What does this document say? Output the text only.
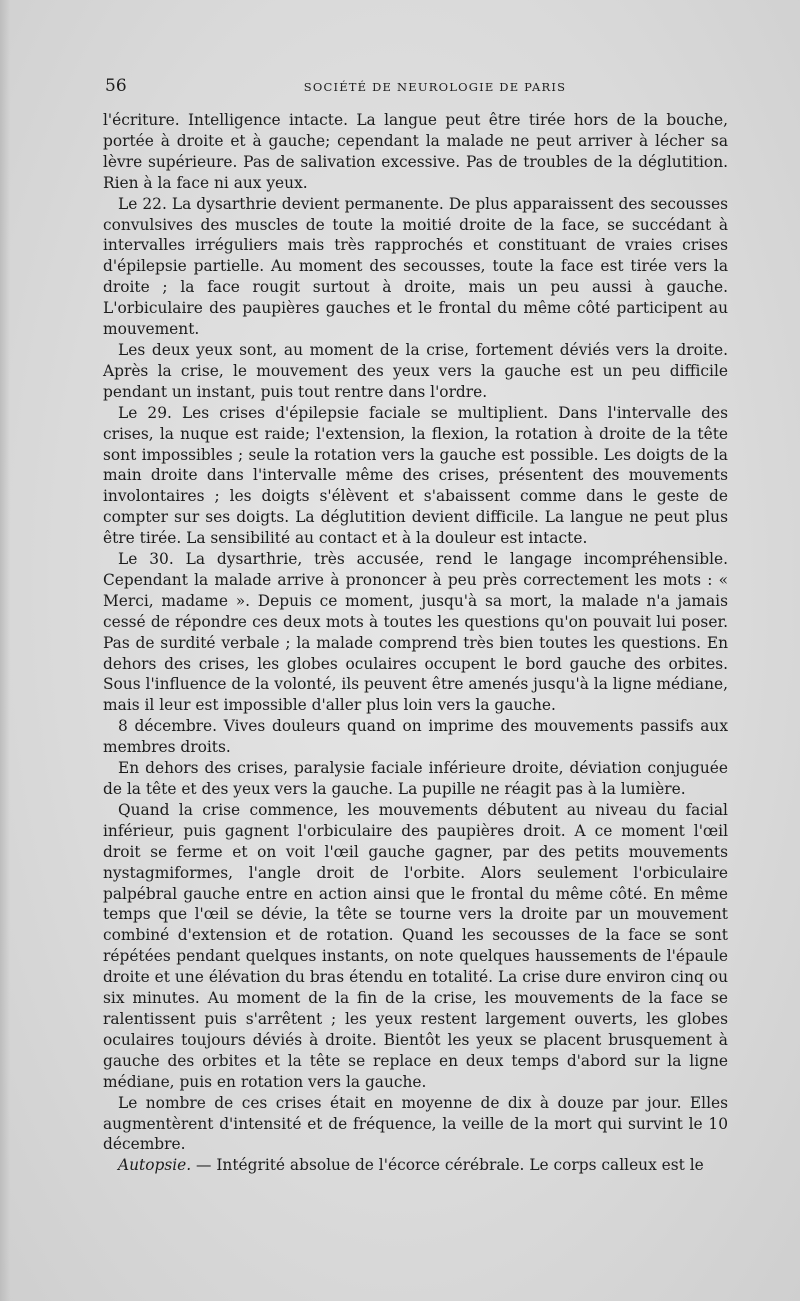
56	SOCIÉTÉ DE NEUROLOGIE DE PARIS

l'écriture. Intelligence intacte. La langue peut être tirée hors de la bouche, portée à droite et à gauche; cependant la malade ne peut arriver à lécher sa lèvre supérieure. Pas de salivation excessive. Pas de troubles de la déglutition. Rien à la face ni aux yeux.

Le 22. La dysarthrie devient permanente. De plus apparaissent des secousses convulsives des muscles de toute la moitié droite de la face, se succédant à intervalles irréguliers mais très rapprochés et constituant de vraies crises d'épilepsie partielle. Au moment des secousses, toute la face est tirée vers la droite ; la face rougit surtout à droite, mais un peu aussi à gauche. L'orbiculaire des paupières gauches et le frontal du même côté participent au mouvement.

Les deux yeux sont, au moment de la crise, fortement déviés vers la droite. Après la crise, le mouvement des yeux vers la gauche est un peu difficile pendant un instant, puis tout rentre dans l'ordre.

Le 29. Les crises d'épilepsie faciale se multiplient. Dans l'intervalle des crises, la nuque est raide; l'extension, la flexion, la rotation à droite de la tête sont impossibles ; seule la rotation vers la gauche est possible. Les doigts de la main droite dans l'intervalle même des crises, présentent des mouvements involontaires ; les doigts s'élèvent et s'abaissent comme dans le geste de compter sur ses doigts. La déglutition devient difficile. La langue ne peut plus être tirée. La sensibilité au contact et à la douleur est intacte.

Le 30. La dysarthrie, très accusée, rend le langage incompréhensible. Cependant la malade arrive à prononcer à peu près correctement les mots : « Merci, madame ». Depuis ce moment, jusqu'à sa mort, la malade n'a jamais cessé de répondre ces deux mots à toutes les questions qu'on pouvait lui poser. Pas de surdité verbale ; la malade comprend très bien toutes les questions. En dehors des crises, les globes oculaires occupent le bord gauche des orbites. Sous l'influence de la volonté, ils peuvent être amenés jusqu'à la ligne médiane, mais il leur est impossible d'aller plus loin vers la gauche.

8 décembre. Vives douleurs quand on imprime des mouvements passifs aux membres droits.

En dehors des crises, paralysie faciale inférieure droite, déviation conjuguée de la tête et des yeux vers la gauche. La pupille ne réagit pas à la lumière.

Quand la crise commence, les mouvements débutent au niveau du facial inférieur, puis gagnent l'orbiculaire des paupières droit. A ce moment l'œil droit se ferme et on voit l'œil gauche gagner, par des petits mouvements nystagmiformes, l'angle droit de l'orbite. Alors seulement l'orbiculaire palpébral gauche entre en action ainsi que le frontal du même côté. En même temps que l'œil se dévie, la tête se tourne vers la droite par un mouvement combiné d'extension et de rotation. Quand les secousses de la face se sont répétées pendant quelques instants, on note quelques haussements de l'épaule droite et une élévation du bras étendu en totalité. La crise dure environ cinq ou six minutes. Au moment de la fin de la crise, les mouvements de la face se ralentissent puis s'arrêtent ; les yeux restent largement ouverts, les globes oculaires toujours déviés à droite. Bientôt les yeux se placent brusquement à gauche des orbites et la tête se replace en deux temps d'abord sur la ligne médiane, puis en rotation vers la gauche.

Le nombre de ces crises était en moyenne de dix à douze par jour. Elles augmentèrent d'intensité et de fréquence, la veille de la mort qui survint le 10 décembre.

Autopsie. — Intégrité absolue de l'écorce cérébrale. Le corps calleux est le
